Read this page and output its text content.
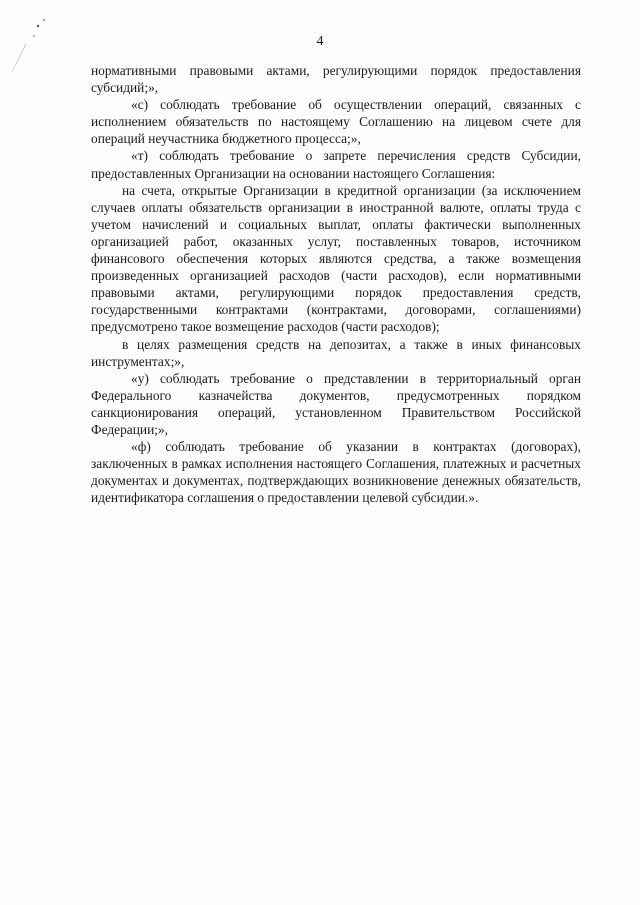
4

нормативными правовыми актами, регулирующими порядок предоставления субсидий;»,

«с) соблюдать требование об осуществлении операций, связанных с исполнением обязательств по настоящему Соглашению на лицевом счете для операций неучастника бюджетного процесса;»,

«т) соблюдать требование о запрете перечисления средств Субсидии, предоставленных Организации на основании настоящего Соглашения:

на счета, открытые Организации в кредитной организации (за исключением случаев оплаты обязательств организации в иностранной валюте, оплаты труда с учетом начислений и социальных выплат, оплаты фактически выполненных организацией работ, оказанных услуг, поставленных товаров, источником финансового обеспечения которых являются средства, а также возмещения произведенных организацией расходов (части расходов), если нормативными правовыми актами, регулирующими порядок предоставления средств, государственными контрактами (контрактами, договорами, соглашениями) предусмотрено такое возмещение расходов (части расходов);

в целях размещения средств на депозитах, а также в иных финансовых инструментах;»,

«у) соблюдать требование о представлении в территориальный орган Федерального казначейства документов, предусмотренных порядком санкционирования операций, установленном Правительством Российской Федерации;»,

«ф) соблюдать требование об указании в контрактах (договорах), заключенных в рамках исполнения настоящего Соглашения, платежных и расчетных документах и документах, подтверждающих возникновение денежных обязательств, идентификатора соглашения о предоставлении целевой субсидии.».
